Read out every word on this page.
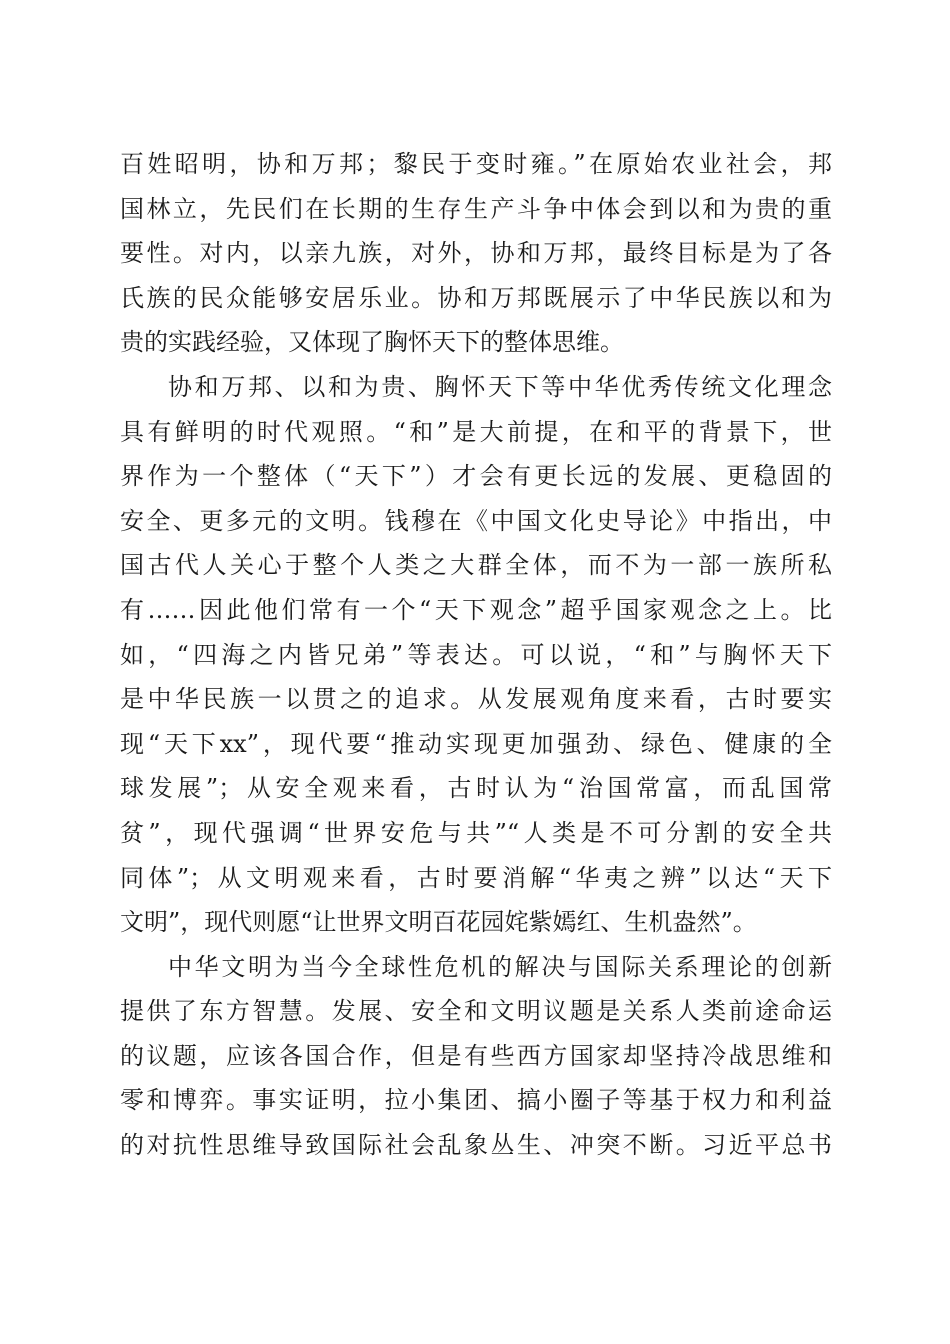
百姓昭明，协和万邦；黎民于变时雍。”在原始农业社会，邦
国林立，先民们在长期的生存生产斗争中体会到以和为贵的重
要性。对内，以亲九族，对外，协和万邦，最终目标是为了各
氏族的民众能够安居乐业。协和万邦既展示了中华民族以和为
贵的实践经验，又体现了胸怀天下的整体思维。
协和万邦、以和为贵、胸怀天下等中华优秀传统文化理念
具有鲜明的时代观照。“和”是大前提，在和平的背景下，世
界作为一个整体（“天下”）才会有更长远的发展、更稳固的
安全、更多元的文明。钱穆在《中国文化史导论》中指出，中
国古代人关心于整个人类之大群全体，而不为一部一族所私
有……因此他们常有一个“天下观念”超乎国家观念之上。比
如，“四海之内皆兄弟”等表达。可以说，“和”与胸怀天下
是中华民族一以贯之的追求。从发展观角度来看，古时要实
现“天下xx”，现代要“推动实现更加强劲、绿色、健康的全
球发展”；从安全观来看，古时认为“治国常富，而乱国常
贫”，现代强调“世界安危与共”“人类是不可分割的安全共
同体”；从文明观来看，古时要消解“华夷之辨”以达“天下
文明”，现代则愿“让世界文明百花园姹紫嫣红、生机盎然”。
中华文明为当今全球性危机的解决与国际关系理论的创新
提供了东方智慧。发展、安全和文明议题是关系人类前途命运
的议题，应该各国合作，但是有些西方国家却坚持冷战思维和
零和博弈。事实证明，拉小集团、搞小圈子等基于权力和利益
的对抗性思维导致国际社会乱象丛生、冲突不断。习近平总书
